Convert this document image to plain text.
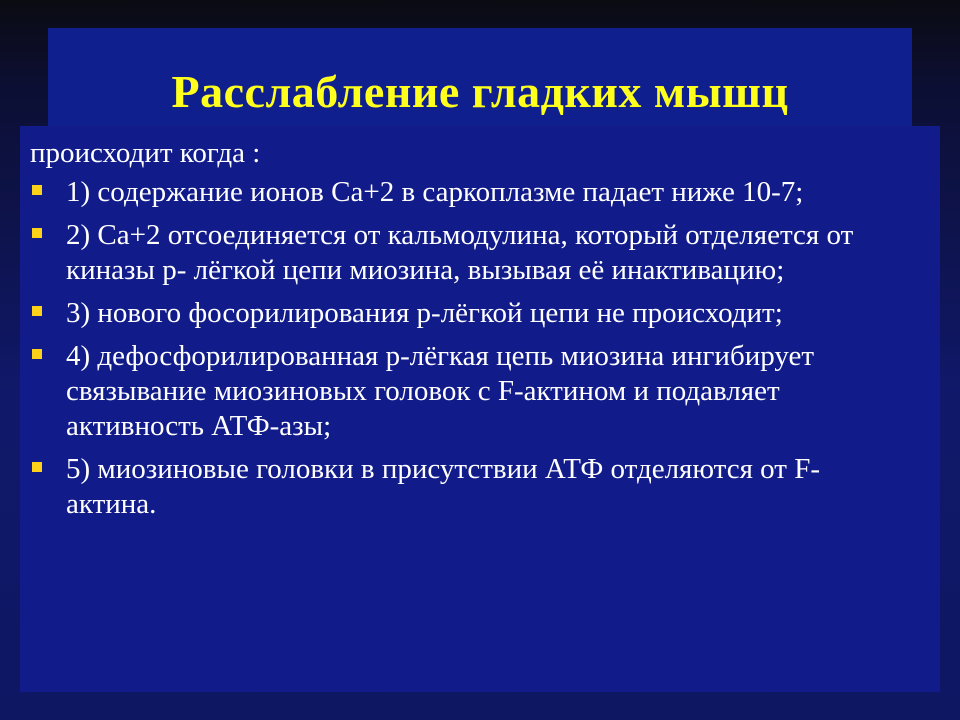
Расслабление гладких мышц

происходит когда :

1) содержание ионов Са+2 в саркоплазме падает ниже 10-7;
2) Са+2 отсоединяется от кальмодулина, который отделяется от киназы р- лёгкой цепи миозина, вызывая её инактивацию;
3) нового фосорилирования р-лёгкой цепи не происходит;
4) дефосфорилированная р-лёгкая цепь миозина ингибирует связывание миозиновых головок с F-актином и подавляет активность АТФ-азы;
5) миозиновые головки в присутствии АТФ отделяются от F-актина.
